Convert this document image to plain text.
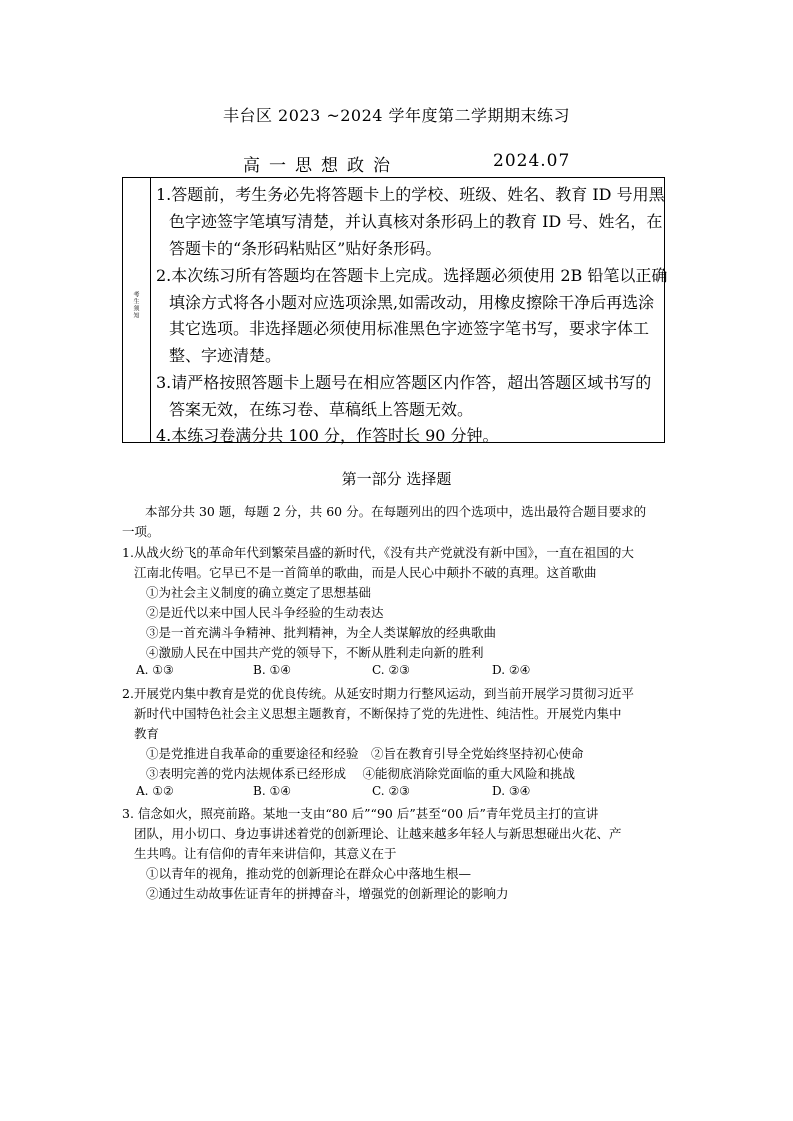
丰台区 2023 ~2024 学年度第二学期期末练习
高一思想政治	2024.07
考生须知
1.答题前，考生务必先将答题卡上的学校、班级、姓名、教育 ID 号用黑
色字迹签字笔填写清楚，并认真核对条形码上的教育 ID 号、姓名，在
答题卡的“条形码粘贴区”贴好条形码。
2.本次练习所有答题均在答题卡上完成。选择题必须使用 2B 铅笔以正确
填涂方式将各小题对应选项涂黑,如需改动，用橡皮擦除干净后再选涂
其它选项。非选择题必须使用标准黑色字迹签字笔书写，要求字体工
整、字迹清楚。
3.请严格按照答题卡上题号在相应答题区内作答，超出答题区域书写的
答案无效，在练习卷、草稿纸上答题无效。
4.本练习卷满分共 100 分，作答时长 90 分钟。
第一部分 选择题
本部分共 30 题，每题 2 分，共 60 分。在每题列出的四个选项中，选出最符合题目要求的
一项。
1.从战火纷飞的革命年代到繁荣昌盛的新时代，《没有共产党就没有新中国》，一直在祖国的大
江南北传唱。它早已不是一首简单的歌曲，而是人民心中颠扑不破的真理。这首歌曲
①为社会主义制度的确立奠定了思想基础
②是近代以来中国人民斗争经验的生动表达
③是一首充满斗争精神、批判精神，为全人类谋解放的经典歌曲
④激励人民在中国共产党的领导下，不断从胜利走向新的胜利
A. ①③	B. ①④	C. ②③	D. ②④
2.开展党内集中教育是党的优良传统。从延安时期力行整风运动，到当前开展学习贯彻习近平
新时代中国特色社会主义思想主题教育，不断保持了党的先进性、纯洁性。开展党内集中
教育
①是党推进自我革命的重要途径和经验　②旨在教育引导全党始终坚持初心使命
③表明完善的党内法规体系已经形成　 ④能彻底消除党面临的重大风险和挑战
A. ①②	B. ①④	C. ②③	D. ③④
3. 信念如火，照亮前路。某地一支由“80 后”“90 后”甚至“00 后”青年党员主打的宣讲
团队，用小切口、身边事讲述着党的创新理论、让越来越多年轻人与新思想碰出火花、产
生共鸣。让有信仰的青年来讲信仰，其意义在于
①以青年的视角，推动党的创新理论在群众心中落地生根—
②通过生动故事佐证青年的拼搏奋斗，增强党的创新理论的影响力
